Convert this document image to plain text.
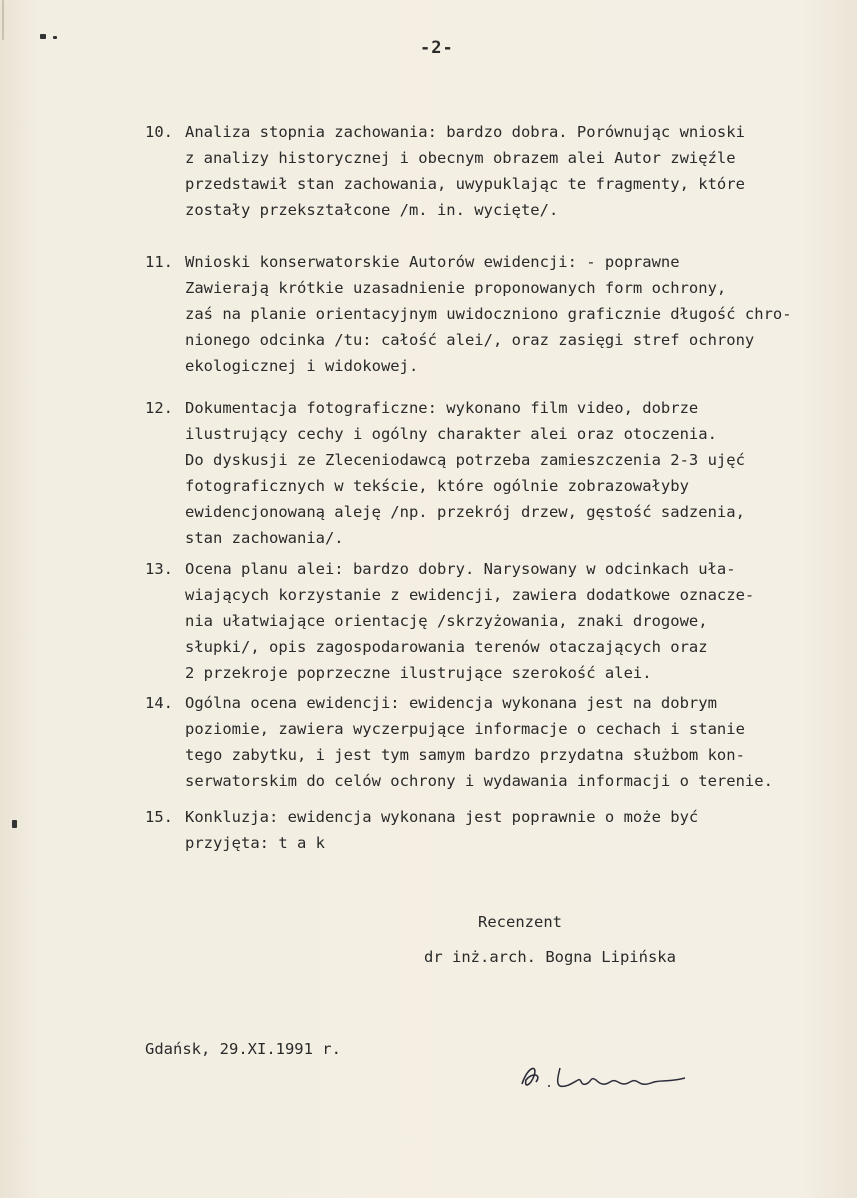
-2-
10. Analiza stopnia zachowania: bardzo dobra. Porównując wnioski
z analizy historycznej i obecnym obrazem alei Autor zwięźle
przedstawił stan zachowania, uwypuklając te fragmenty, które
zostały przekształcone /m. in. wycięte/.
11. Wnioski konserwatorskie Autorów ewidencji: - poprawne
Zawierają krótkie uzasadnienie proponowanych form ochrony,
zaś na planie orientacyjnym uwidoczniono graficznie długość chro-
nionego odcinka /tu: całość alei/, oraz zasięgi stref ochrony
ekologicznej i widokowej.
12. Dokumentacja fotograficzne: wykonano film video, dobrze
ilustrujący cechy i ogólny charakter alei oraz otoczenia.
Do dyskusji ze Zleceniodawcą potrzeba zamieszczenia 2-3 ujęć
fotograficznych w tekście, które ogólnie zobrazowałyby
ewidencjonowaną aleję /np. przekrój drzew, gęstość sadzenia,
stan zachowania/.
13. Ocena planu alei: bardzo dobry. Narysowany w odcinkach uła-
wiających korzystanie z ewidencji, zawiera dodatkowe oznacze-
nia ułatwiające orientację /skrzyżowania, znaki drogowe,
słupki/, opis zagospodarowania terenów otaczających oraz
2 przekroje poprzeczne ilustrujące szerokość alei.
14. Ogólna ocena ewidencji: ewidencja wykonana jest na dobrym
poziomie, zawiera wyczerpujące informacje o cechach i stanie
tego zabytku, i jest tym samym bardzo przydatna służbom kon-
serwatorskim do celów ochrony i wydawania informacji o terenie.
15. Konkluzja: ewidencja wykonana jest poprawnie o może być
przyjęta: t a k
Recenzent
dr inż.arch. Bogna Lipińska
Gdańsk, 29.XI.1991 r.
